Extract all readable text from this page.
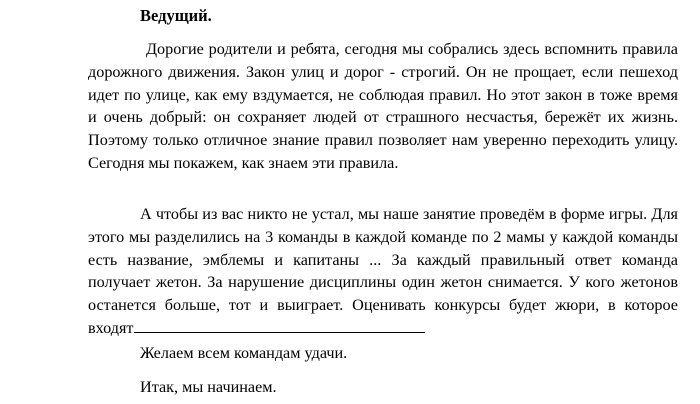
Ведущий.

Дорогие родители и ребята, сегодня мы собрались здесь вспомнить правила дорожного движения. Закон улиц и дорог - строгий. Он не прощает, если пешеход идет по улице, как ему вздумается, не соблюдая правил. Но этот закон в тоже время и очень добрый: он сохраняет людей от страшного несчастья, бережёт их жизнь. Поэтому только отличное знание правил позволяет нам уверенно переходить улицу. Сегодня мы покажем, как знаем эти правила.

А чтобы из вас никто не устал, мы наше занятие проведём в форме игры. Для этого мы разделились на 3 команды в каждой команде по 2 мамы у каждой команды есть название, эмблемы и капитаны ... За каждый правильный ответ команда получает жетон. За нарушение дисциплины один жетон снимается. У кого жетонов останется больше, тот и выиграет. Оценивать конкурсы будет жюри, в которое входят

Желаем всем командам удачи.

Итак, мы начинаем.
